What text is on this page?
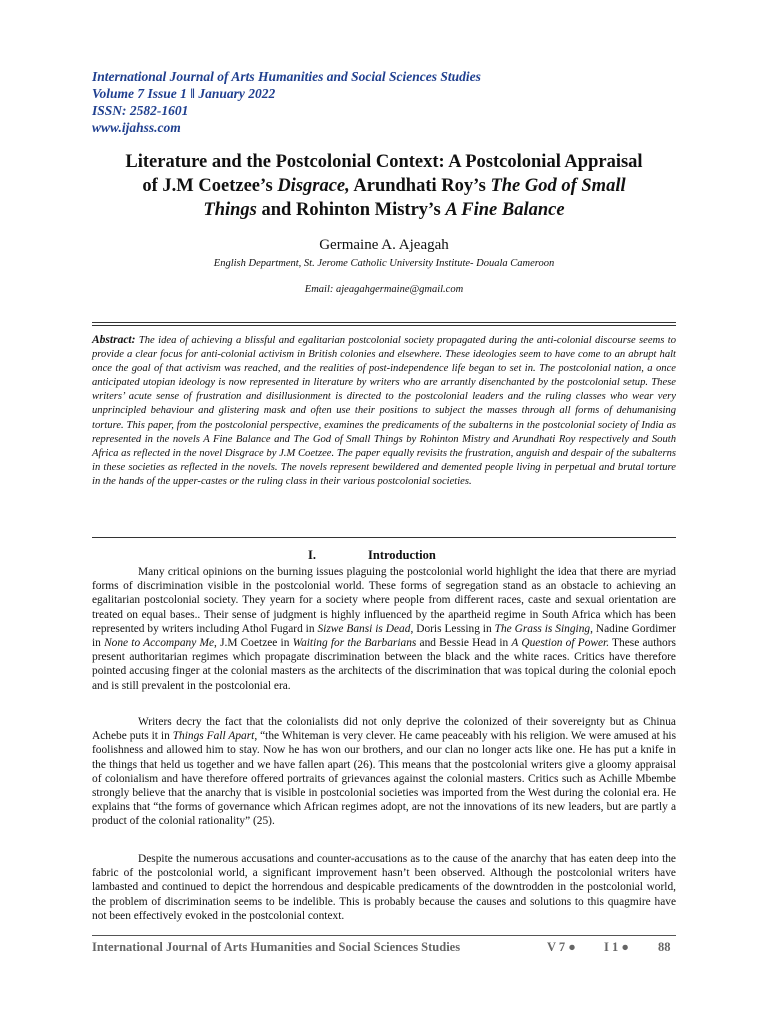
International Journal of Arts Humanities and Social Sciences Studies
Volume 7 Issue 1 ǁ January 2022
ISSN: 2582-1601
www.ijahss.com
Literature and the Postcolonial Context: A Postcolonial Appraisal
of J.M Coetzee’s Disgrace, Arundhati Roy’s The God of Small
Things and Rohinton Mistry’s A Fine Balance
Germaine A. Ajeagah
English Department, St. Jerome Catholic University Institute- Douala Cameroon
Email: ajeagahgermaine@gmail.com
Abstract: The idea of achieving a blissful and egalitarian postcolonial society propagated during the anti-colonial discourse seems to provide a clear focus for anti-colonial activism in British colonies and elsewhere. These ideologies seem to have come to an abrupt halt once the goal of that activism was reached, and the realities of post-independence life began to set in. The postcolonial nation, a once anticipated utopian ideology is now represented in literature by writers who are arrantly disenchanted by the postcolonial setup. These writers’ acute sense of frustration and disillusionment is directed to the postcolonial leaders and the ruling classes who wear very unprincipled behaviour and glistering mask and often use their positions to subject the masses through all forms of dehumanising torture. This paper, from the postcolonial perspective, examines the predicaments of the subalterns in the postcolonial society of India as represented in the novels A Fine Balance and The God of Small Things by Rohinton Mistry and Arundhati Roy respectively and South Africa as reflected in the novel Disgrace by J.M Coetzee. The paper equally revisits the frustration, anguish and despair of the subalterns in these societies as reflected in the novels. The novels represent bewildered and demented people living in perpetual and brutal torture in the hands of the upper-castes or the ruling class in their various postcolonial societies.
I.	Introduction
Many critical opinions on the burning issues plaguing the postcolonial world highlight the idea that there are myriad forms of discrimination visible in the postcolonial world. These forms of segregation stand as an obstacle to achieving an egalitarian postcolonial society. They yearn for a society where people from different races, caste and sexual orientation are treated on equal bases.. Their sense of judgment is highly influenced by the apartheid regime in South Africa which has been represented by writers including Athol Fugard in Sizwe Bansi is Dead, Doris Lessing in The Grass is Singing, Nadine Gordimer in None to Accompany Me, J.M Coetzee in Waiting for the Barbarians and Bessie Head in A Question of Power. These authors present authoritarian regimes which propagate discrimination between the black and the white races. Critics have therefore pointed accusing finger at the colonial masters as the architects of the discrimination that was topical during the colonial epoch and is still prevalent in the postcolonial era.
Writers decry the fact that the colonialists did not only deprive the colonized of their sovereignty but as Chinua Achebe puts it in Things Fall Apart, “the Whiteman is very clever. He came peaceably with his religion. We were amused at his foolishness and allowed him to stay. Now he has won our brothers, and our clan no longer acts like one. He has put a knife in the things that held us together and we have fallen apart (26). This means that the postcolonial writers give a gloomy appraisal of colonialism and have therefore offered portraits of grievances against the colonial masters. Critics such as Achille Mbembe strongly believe that the anarchy that is visible in postcolonial societies was imported from the West during the colonial era. He explains that “the forms of governance which African regimes adopt, are not the innovations of its new leaders, but are partly a product of the colonial rationality” (25).
Despite the numerous accusations and counter-accusations as to the cause of the anarchy that has eaten deep into the fabric of the postcolonial world, a significant improvement hasn’t been observed. Although the postcolonial writers have lambasted and continued to depict the horrendous and despicable predicaments of the downtrodden in the postcolonial world, the problem of discrimination seems to be indelible. This is probably because the causes and solutions to this quagmire have not been effectively evoked in the postcolonial context.
International Journal of Arts Humanities and Social Sciences Studies	V 7 ● I 1 ● 88
